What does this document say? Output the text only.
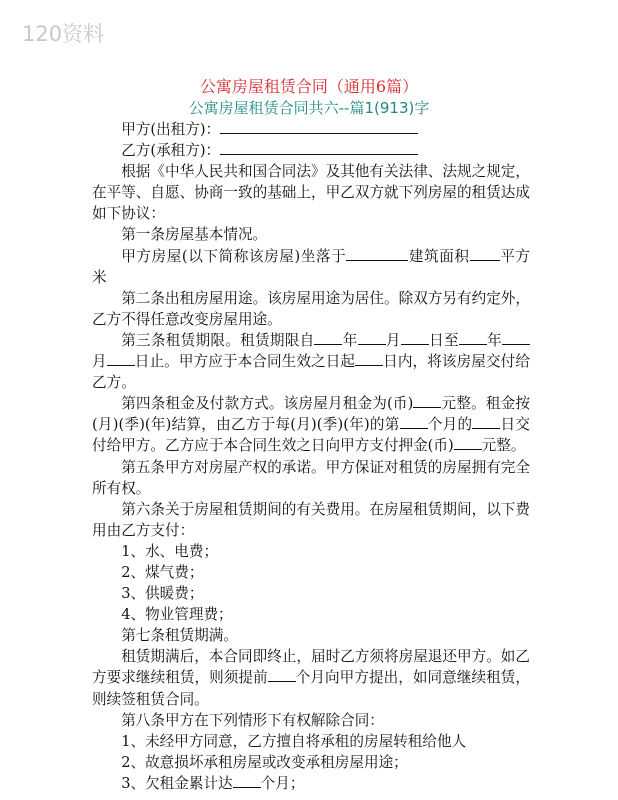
120资料
公寓房屋租赁合同（通用6篇）
公寓房屋租赁合同共六--篇1(913)字

甲方(出租方)：

乙方(承租方)：

根据《中华人民共和国合同法》及其他有关法律、法规之规定，在平等、自愿、协商一致的基础上，甲乙双方就下列房屋的租赁达成如下协议：

第一条房屋基本情况。

甲方房屋(以下简称该房屋)坐落于	建筑面积 平方米

第二条出租房屋用途。该房屋用途为居住。除双方另有约定外，乙方不得任意改变房屋用途。

第三条租赁期限。租赁期限自 年 月 日至 年月 日止。甲方应于本合同生效之日起 日内，将该房屋交付给乙方。

第四条租金及付款方式。该房屋月租金为(币) 元整。租金按(月)(季)(年)结算，由乙方于每(月)(季)(年)的第 个月的 日交付给甲方。乙方应于本合同生效之日向甲方支付押金(币) 元整。

第五条甲方对房屋产权的承诺。甲方保证对租赁的房屋拥有完全所有权。

第六条关于房屋租赁期间的有关费用。在房屋租赁期间，以下费用由乙方支付：

1、水、电费；

2、煤气费；

3、供暖费；

4、物业管理费；

第七条租赁期满。

租赁期满后，本合同即终止，届时乙方须将房屋退还甲方。如乙方要求继续租赁，则须提前 个月向甲方提出，如同意继续租赁，则续签租赁合同。

第八条甲方在下列情形下有权解除合同：

1、未经甲方同意，乙方擅自将承租的房屋转租给他人

2、故意损坏承租房屋或改变承租房屋用途；

3、欠租金累计达 个月；
